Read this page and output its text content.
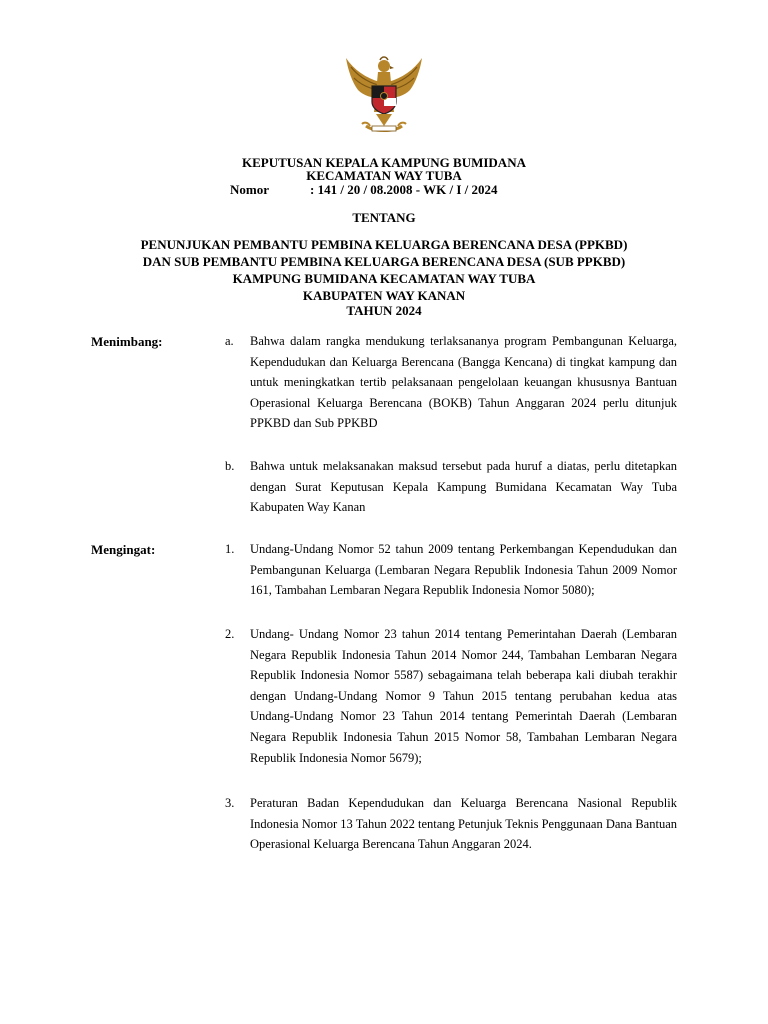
KEPUTUSAN KEPALA KAMPUNG BUMIDANA
KECAMATAN WAY TUBA
Nomor	: 141 / 20 / 08.2008 - WK / I / 2024
TENTANG
PENUNJUKAN PEMBANTU PEMBINA KELUARGA BERENCANA DESA (PPKBD)
DAN SUB PEMBANTU PEMBINA KELUARGA BERENCANA DESA (SUB PPKBD)
KAMPUNG BUMIDANA KECAMATAN WAY TUBA
KABUPATEN WAY KANAN
TAHUN 2024
Menimbang:	a. Bahwa dalam rangka mendukung terlaksananya program Pembangunan Keluarga, Kependudukan dan Keluarga Berencana (Bangga Kencana) di tingkat kampung dan untuk meningkatkan tertib pelaksanaan pengelolaan keuangan khususnya Bantuan Operasional Keluarga Berencana (BOKB) Tahun Anggaran 2024 perlu ditunjuk PPKBD dan Sub PPKBD
b. Bahwa untuk melaksanakan maksud tersebut pada huruf a diatas, perlu ditetapkan dengan Surat Keputusan Kepala Kampung Bumidana Kecamatan Way Tuba Kabupaten Way Kanan
Mengingat:	1. Undang-Undang Nomor 52 tahun 2009 tentang Perkembangan Kependudukan dan Pembangunan Keluarga (Lembaran Negara Republik Indonesia Tahun 2009 Nomor 161, Tambahan Lembaran Negara Republik Indonesia Nomor 5080);
2. Undang- Undang Nomor 23 tahun 2014 tentang Pemerintahan Daerah (Lembaran Negara Republik Indonesia Tahun 2014 Nomor 244, Tambahan Lembaran Negara Republik Indonesia Nomor 5587) sebagaimana telah beberapa kali diubah terakhir dengan Undang-Undang Nomor 9 Tahun 2015 tentang perubahan kedua atas Undang-Undang Nomor 23 Tahun 2014 tentang Pemerintah Daerah (Lembaran Negara Republik Indonesia Tahun 2015 Nomor 58, Tambahan Lembaran Negara Republik Indonesia Nomor 5679);
3. Peraturan Badan Kependudukan dan Keluarga Berencana Nasional Republik Indonesia Nomor 13 Tahun 2022 tentang Petunjuk Teknis Penggunaan Dana Bantuan Operasional Keluarga Berencana Tahun Anggaran 2024.
